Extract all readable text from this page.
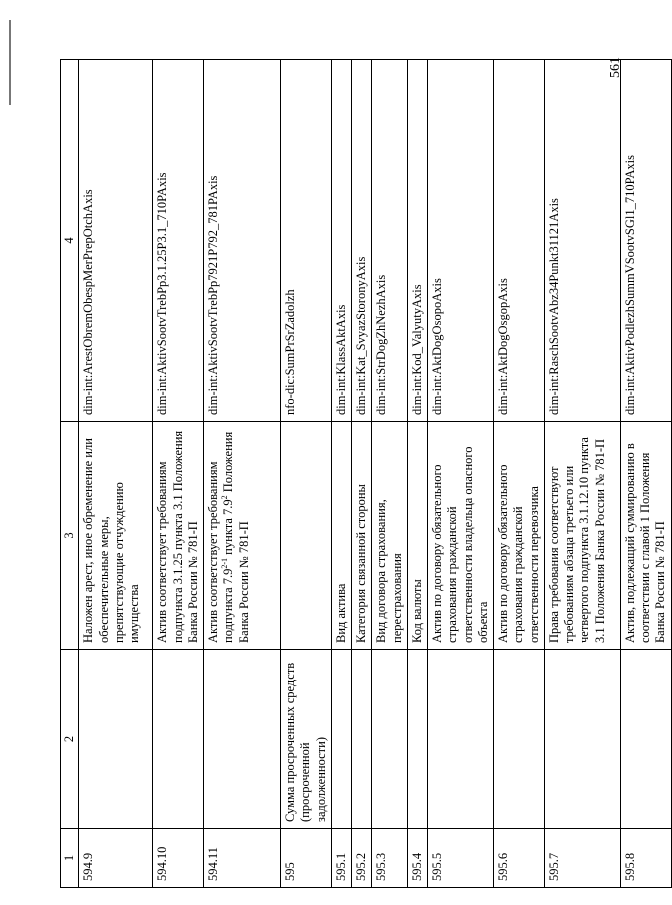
561
1	2	3	4
594.9		Наложен арест, иное обременение или обеспечительные меры, препятствующие отчуждению имущества	dim-int:ArestObremObespMerPrepOtchAxis
594.10		Актив соответствует требованиям подпункта 3.1.25 пункта 3.1 Положения Банка России № 781-П	dim-int:AktivSootvTrebPp3.1.25P3.1_710PAxis
594.11		Актив соответствует требованиям подпункта 7.9$^{2-1}$ пункта $7.9^2$ Положения Банка России № 781-П	dim-int:AktivSootvTrebPp7921P792_781PAxis
595	Сумма просроченных средств (просроченной задолженности)		nfo-dic:SumPrSrZadolzh
595.1		Вид актива	dim-int:KlassAktAxis
595.2		Категория связанной стороны	dim-int:Kat_SvyazStoronyAxis
595.3		Вид договора страхования, перестрахования	dim-int:StrDogZhNezhAxis
595.4		Код валюты	dim-int:Kod_ValyutyAxis
595.5		Актив по договору обязательного страхования гражданской ответственности владельца опасного объекта	dim-int:AktDogOsopoAxis
595.6		Актив по договору обязательного страхования гражданской ответственности перевозчика	dim-int:AktDogOsgopAxis
595.7		Права требования соответствуют требованиям абзаца третьего или четвертого подпункта 3.1.12.10 пункта 3.1 Положения Банка России № 781-П	dim-int:RaschSootvAbz34Punkt31121Axis
595.8		Актив, подлежащий суммированию в соответствии с главой 1 Положения Банка России № 781-П	dim-int:AktivPodlezhSummVSootvSGl1_710PAxis
